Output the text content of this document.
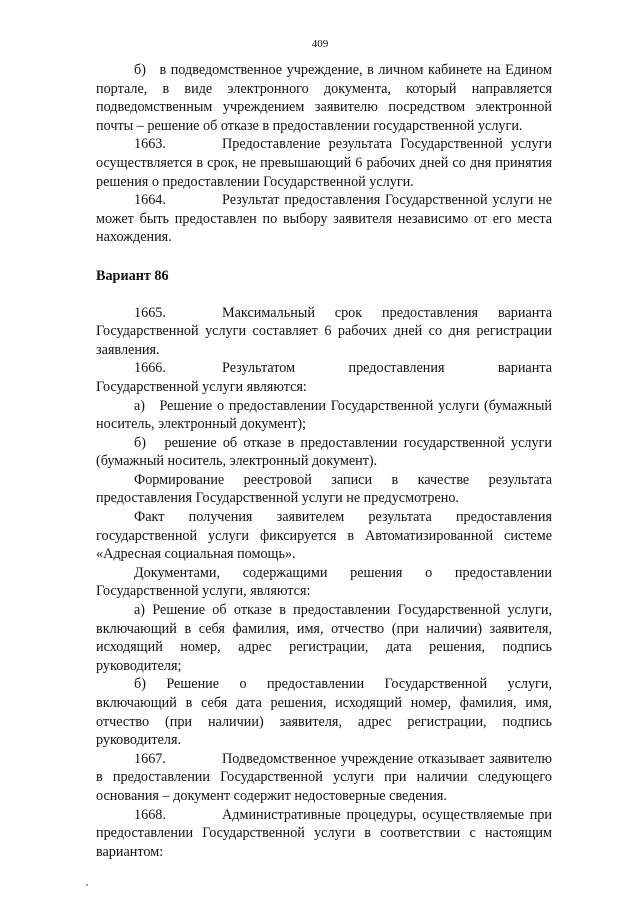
409

б)   в подведомственное учреждение, в личном кабинете на Едином портале, в виде электронного документа, который направляется подведомственным учреждением заявителю посредством электронной почты – решение об отказе в предоставлении государственной услуги.

1663.	Предоставление результата Государственной услуги осуществляется в срок, не превышающий 6 рабочих дней со дня принятия решения о предоставлении Государственной услуги.

1664.	Результат предоставления Государственной услуги не может быть предоставлен по выбору заявителя независимо от его места нахождения.

Вариант 86

1665.	Максимальный срок предоставления варианта Государственной услуги составляет 6 рабочих дней со дня регистрации заявления.

1666.	Результатом предоставления варианта Государственной услуги являются:

а)   Решение о предоставлении Государственной услуги (бумажный носитель, электронный документ);

б)   решение об отказе в предоставлении государственной услуги (бумажный носитель, электронный документ).

Формирование реестровой записи в качестве результата предоставления Государственной услуги не предусмотрено.

Факт получения заявителем результата предоставления государственной услуги фиксируется в Автоматизированной системе «Адресная социальная помощь».

Документами, содержащими решения о предоставлении Государственной услуги, являются:

а) Решение об отказе в предоставлении Государственной услуги, включающий в себя фамилия, имя, отчество (при наличии) заявителя, исходящий номер, адрес регистрации, дата решения, подпись руководителя;

б) Решение о предоставлении Государственной услуги, включающий в себя дата решения, исходящий номер, фамилия, имя, отчество (при наличии) заявителя, адрес регистрации, подпись руководителя.

1667.	Подведомственное учреждение отказывает заявителю в предоставлении Государственной услуги при наличии следующего основания – документ содержит недостоверные сведения.

1668.	Административные процедуры, осуществляемые при предоставлении Государственной услуги в соответствии с настоящим вариантом:
